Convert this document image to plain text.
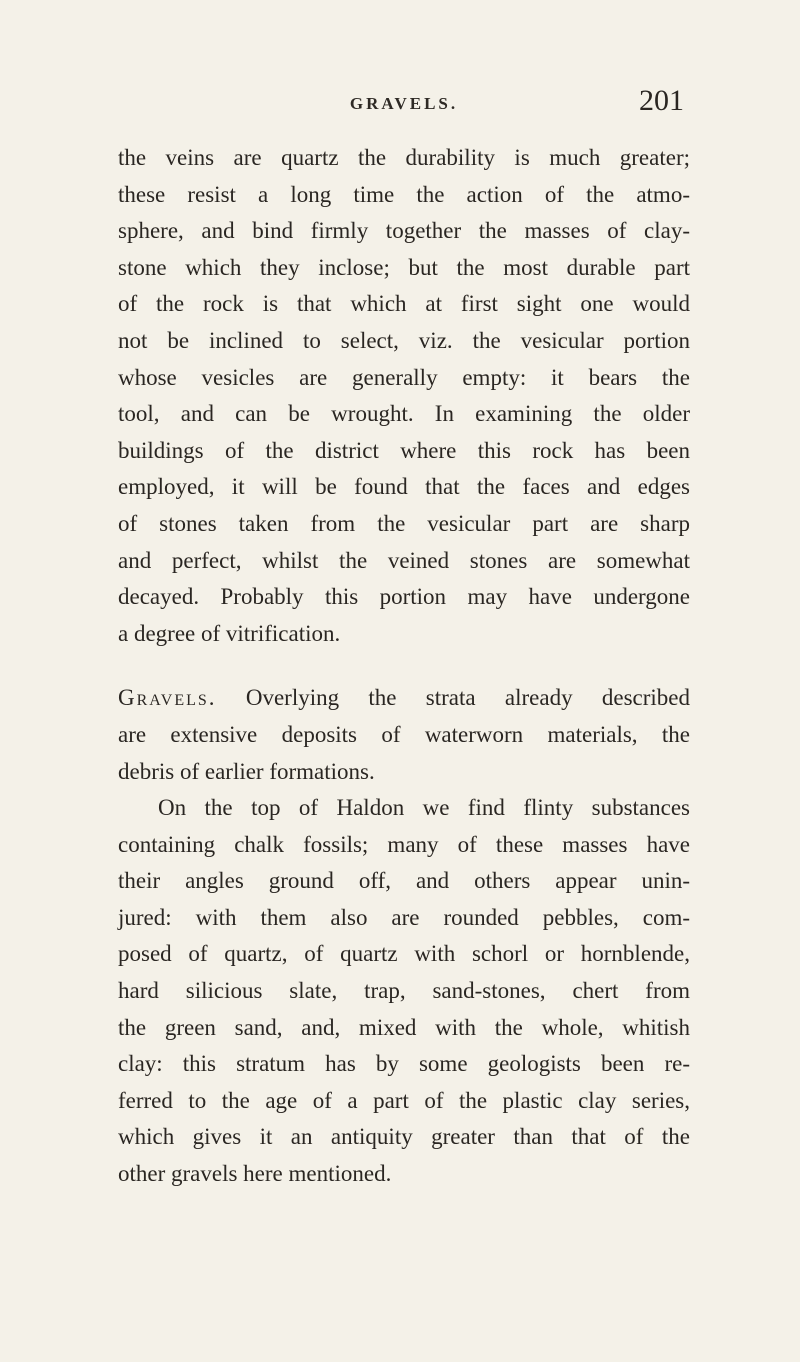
GRAVELS.	201
the veins are quartz the durability is much greater;
these resist a long time the action of the atmo-
sphere, and bind firmly together the masses of clay-
stone which they inclose; but the most durable part
of the rock is that which at first sight one would
not be inclined to select, viz. the vesicular portion
whose vesicles are generally empty: it bears the
tool, and can be wrought. In examining the older
buildings of the district where this rock has been
employed, it will be found that the faces and edges
of stones taken from the vesicular part are sharp
and perfect, whilst the veined stones are somewhat
decayed. Probably this portion may have undergone
a degree of vitrification.
Gravels. Overlying the strata already described
are extensive deposits of waterworn materials, the
debris of earlier formations.
On the top of Haldon we find flinty substances
containing chalk fossils; many of these masses have
their angles ground off, and others appear unin-
jured: with them also are rounded pebbles, com-
posed of quartz, of quartz with schorl or hornblende,
hard silicious slate, trap, sand-stones, chert from
the green sand, and, mixed with the whole, whitish
clay: this stratum has by some geologists been re-
ferred to the age of a part of the plastic clay series,
which gives it an antiquity greater than that of the
other gravels here mentioned.
